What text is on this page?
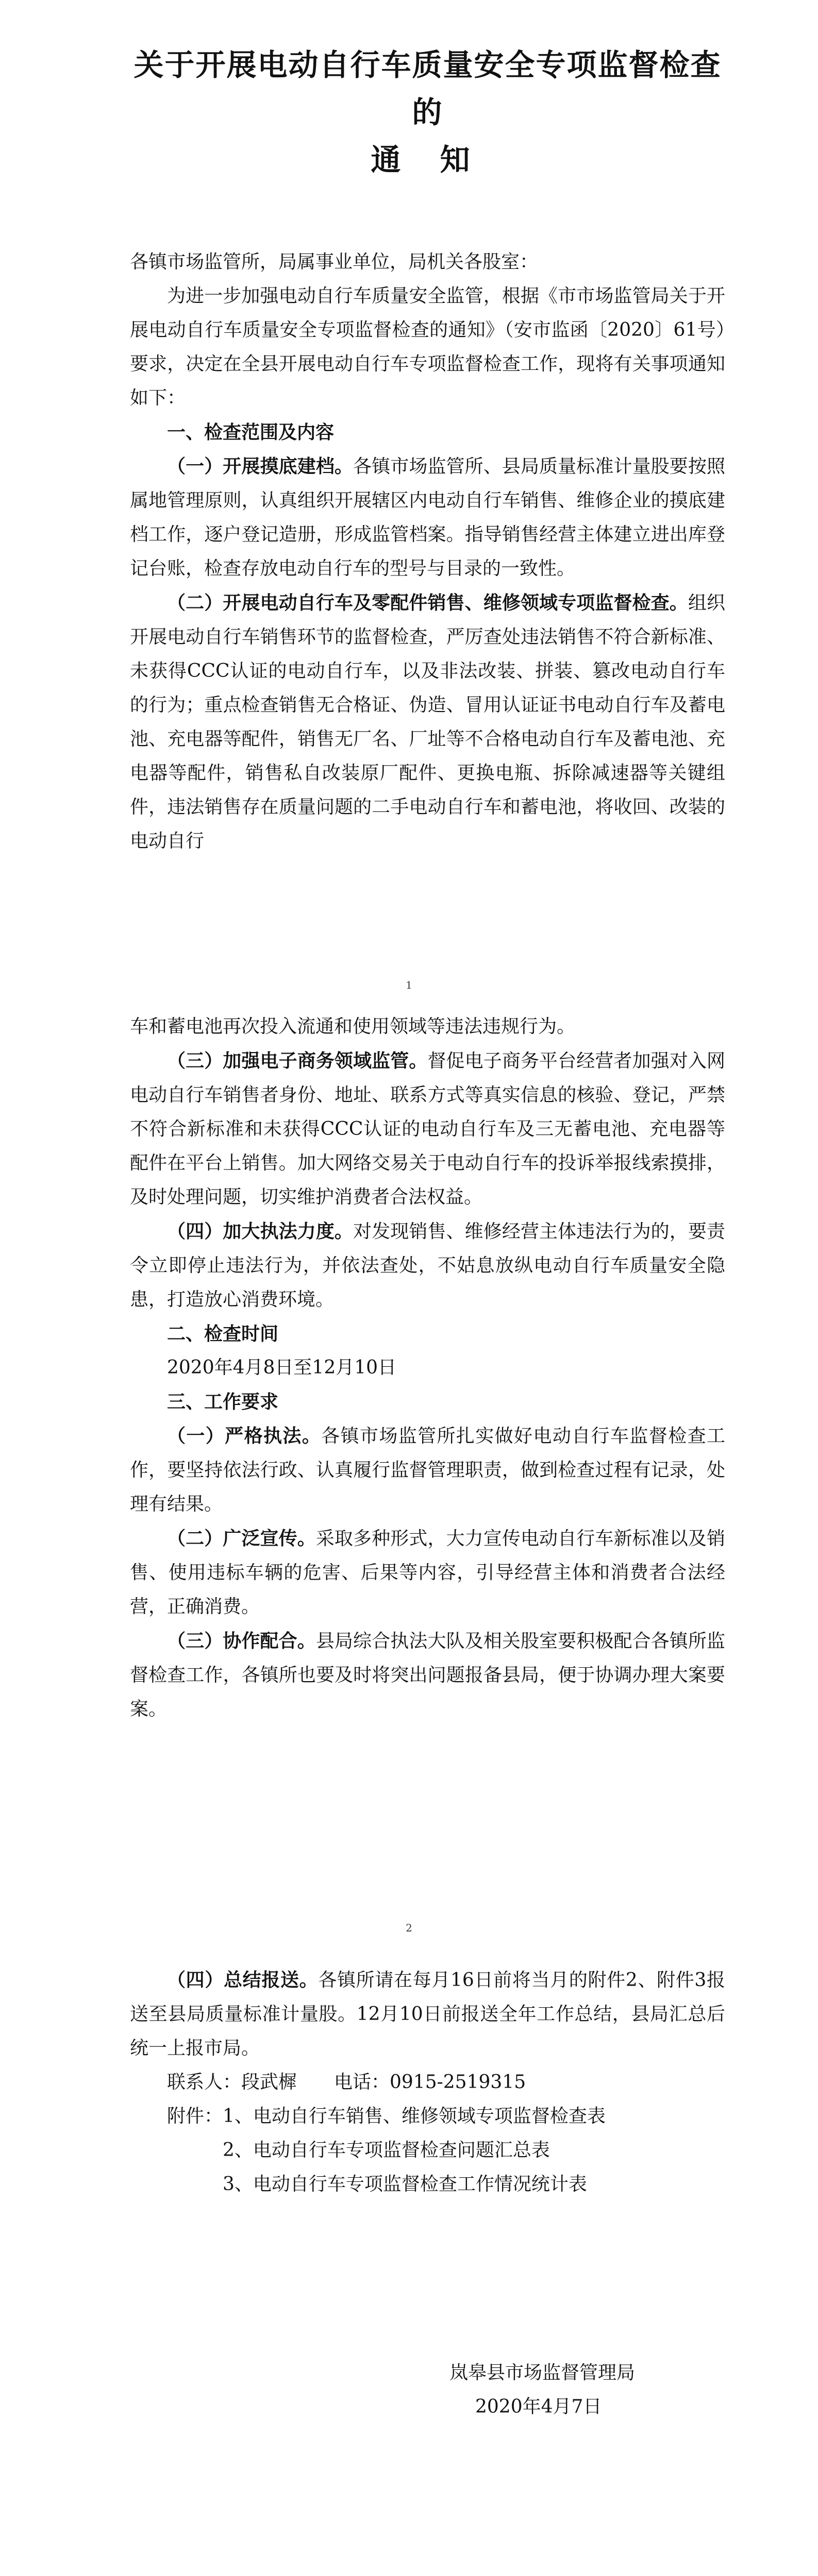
关于开展电动自行车质量安全专项监督检查的
通 知

各镇市场监管所，局属事业单位，局机关各股室：

为进一步加强电动自行车质量安全监管，根据《市市场监管局关于开展电动自行车质量安全专项监督检查的通知》（安市监函〔2020〕61号）要求，决定在全县开展电动自行车专项监督检查工作，现将有关事项通知如下：

一、检查范围及内容

（一）开展摸底建档。各镇市场监管所、县局质量标准计量股要按照属地管理原则，认真组织开展辖区内电动自行车销售、维修企业的摸底建档工作，逐户登记造册，形成监管档案。指导销售经营主体建立进出库登记台账，检查存放电动自行车的型号与目录的一致性。

（二）开展电动自行车及零配件销售、维修领域专项监督检查。组织开展电动自行车销售环节的监督检查，严厉查处违法销售不符合新标准、未获得CCC认证的电动自行车，以及非法改装、拼装、篡改电动自行车的行为；重点检查销售无合格证、伪造、冒用认证证书电动自行车及蓄电池、充电器等配件，销售无厂名、厂址等不合格电动自行车及蓄电池、充电器等配件，销售私自改装原厂配件、更换电瓶、拆除减速器等关键组件，违法销售存在质量问题的二手电动自行车和蓄电池，将收回、改装的电动自行

1

车和蓄电池再次投入流通和使用领域等违法违规行为。

（三）加强电子商务领域监管。督促电子商务平台经营者加强对入网电动自行车销售者身份、地址、联系方式等真实信息的核验、登记，严禁不符合新标准和未获得CCC认证的电动自行车及三无蓄电池、充电器等配件在平台上销售。加大网络交易关于电动自行车的投诉举报线索摸排，及时处理问题，切实维护消费者合法权益。

（四）加大执法力度。对发现销售、维修经营主体违法行为的，要责令立即停止违法行为，并依法查处，不姑息放纵电动自行车质量安全隐患，打造放心消费环境。

二、检查时间

2020年4月8日至12月10日

三、工作要求

（一）严格执法。各镇市场监管所扎实做好电动自行车监督检查工作，要坚持依法行政、认真履行监督管理职责，做到检查过程有记录，处理有结果。

（二）广泛宣传。采取多种形式，大力宣传电动自行车新标准以及销售、使用违标车辆的危害、后果等内容，引导经营主体和消费者合法经营，正确消费。

（三）协作配合。县局综合执法大队及相关股室要积极配合各镇所监督检查工作，各镇所也要及时将突出问题报备县局，便于协调办理大案要案。

2

（四）总结报送。各镇所请在每月16日前将当月的附件2、附件3报送至县局质量标准计量股。12月10日前报送全年工作总结，县局汇总后统一上报市局。

联系人：段武樨　　电话：0915-2519315

附件：1、电动自行车销售、维修领域专项监督检查表

2、电动自行车专项监督检查问题汇总表

3、电动自行车专项监督检查工作情况统计表

岚皋县市场监督管理局

2020年4月7日
